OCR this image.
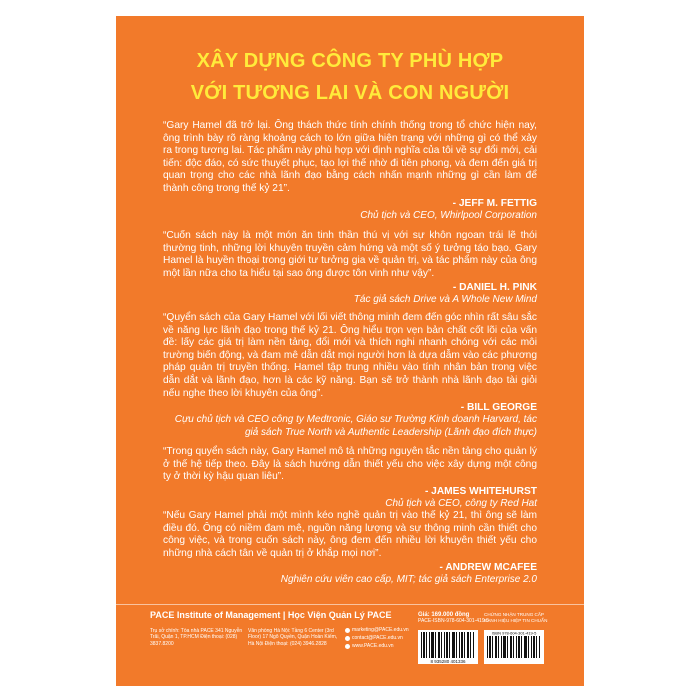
XÂY DỰNG CÔNG TY PHÙ HỢP
VỚI TƯƠNG LAI VÀ CON NGƯỜI

“Gary Hamel đã trở lại. Ông thách thức tính chính thống trong tổ chức hiện nay, ông trình bày rõ ràng khoảng cách to lớn giữa hiện trạng với những gì có thể xảy ra trong tương lai. Tác phẩm này phù hợp với định nghĩa của tôi về sự đổi mới, cải tiến: độc đáo, có sức thuyết phục, tạo lợi thế nhờ đi tiên phong, và đem đến giá trị quan trọng cho các nhà lãnh đạo bằng cách nhấn mạnh những gì cần làm để thành công trong thế kỷ 21”.

- JEFF M. FETTIG

Chủ tịch và CEO, Whirlpool Corporation

“Cuốn sách này là một món ăn tinh thần thú vị với sự khôn ngoan trái lẽ thói thường tinh, những lời khuyên truyền cảm hứng và một số ý tưởng táo bạo. Gary Hamel là huyền thoại trong giới tư tưởng gia về quản trị, và tác phẩm này của ông một lần nữa cho ta hiểu tại sao ông được tôn vinh như vậy”.

- DANIEL H. PINK

Tác giả sách Drive và A Whole New Mind

“Quyển sách của Gary Hamel với lối viết thông minh đem đến góc nhìn rất sâu sắc về năng lực lãnh đạo trong thế kỷ 21. Ông hiểu trọn vẹn bản chất cốt lõi của vấn đề: lấy các giá trị làm nền tảng, đổi mới và thích nghi nhanh chóng với các môi trường biến động, và đam mê dẫn dắt mọi người hơn là dựa dẫm vào các phương pháp quản trị truyền thống. Hamel tập trung nhiều vào tính nhân bản trong việc dẫn dắt và lãnh đạo, hơn là các kỹ năng. Bạn sẽ trở thành nhà lãnh đạo tài giỏi nếu nghe theo lời khuyên của ông”.

- BILL GEORGE

Cựu chủ tịch và CEO công ty Medtronic, Giáo sư Trường Kinh doanh Harvard, tác giả sách True North và Authentic Leadership (Lãnh đạo đích thực)

“Trong quyển sách này, Gary Hamel mô tả những nguyên tắc nền tảng cho quản lý ở thế hệ tiếp theo. Đây là sách hướng dẫn thiết yếu cho việc xây dựng một công ty ở thời kỳ hậu quan liêu”.

- JAMES WHITEHURST

Chủ tịch và CEO, công ty Red Hat

“Nếu Gary Hamel phải một mình kéo nghề quản trị vào thế kỷ 21, thì ông sẽ làm điều đó. Ông có niềm đam mê, nguồn năng lượng và sự thông minh cần thiết cho công việc, và trong cuốn sách này, ông đem đến nhiều lời khuyên thiết yếu cho những nhà cách tân về quản trị ở khắp mọi nơi”.

- ANDREW MCAFEE

Nghiên cứu viên cao cấp, MIT; tác giả sách Enterprise 2.0

PACE Institute of Management | Học Viện Quản Lý PACE
Trụ sở chính: Tòa nhà PACE 341 Nguyễn Trãi, Quận 1, TP.HCM Điện thoại: (028) 3837.8200
Văn phòng Hà Nội: Tầng 6 Center (3rd Floor) 17 Ngõ Quyền, Quận Hoàn Kiếm, Hà Nội Điện thoại: (024) 3946.2828
marketing@PACE.edu.vn
contact@PACE.edu.vn
www.PACE.edu.vn
Giá: 169.000 đồng
PACE-ISBN-978-604-301-419-5
8 935280 401336
CHỨNG NHẬN TRUNG CẤP DANH HIỆU HIỆP TIN CHUẨN
ISBN 978-604-301-419-5
